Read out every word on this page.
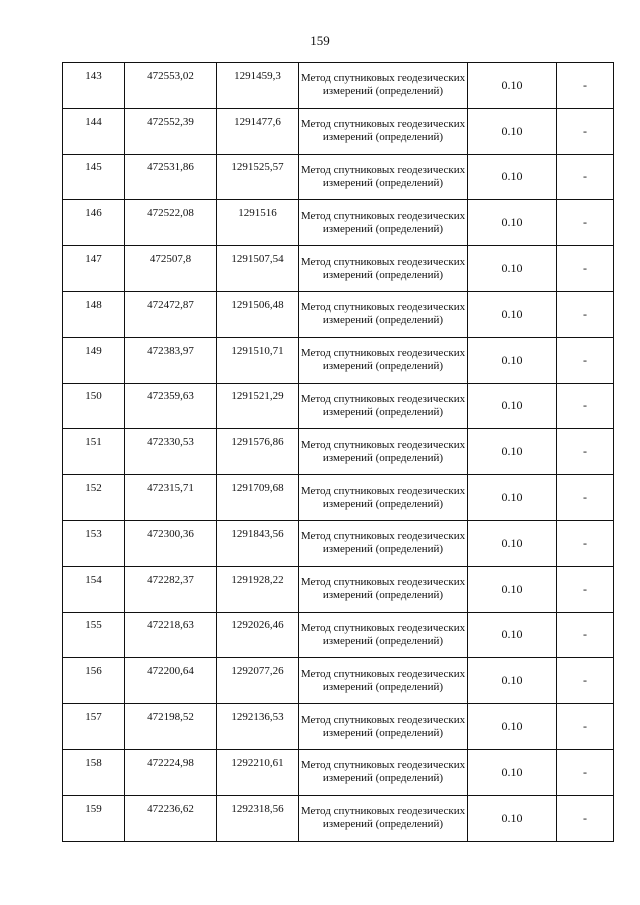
159
143	472553,02	1291459,3	Метод спутниковых геодезических измерений (определений)	0.10	-
144	472552,39	1291477,6	Метод спутниковых геодезических измерений (определений)	0.10	-
145	472531,86	1291525,57	Метод спутниковых геодезических измерений (определений)	0.10	-
146	472522,08	1291516	Метод спутниковых геодезических измерений (определений)	0.10	-
147	472507,8	1291507,54	Метод спутниковых геодезических измерений (определений)	0.10	-
148	472472,87	1291506,48	Метод спутниковых геодезических измерений (определений)	0.10	-
149	472383,97	1291510,71	Метод спутниковых геодезических измерений (определений)	0.10	-
150	472359,63	1291521,29	Метод спутниковых геодезических измерений (определений)	0.10	-
151	472330,53	1291576,86	Метод спутниковых геодезических измерений (определений)	0.10	-
152	472315,71	1291709,68	Метод спутниковых геодезических измерений (определений)	0.10	-
153	472300,36	1291843,56	Метод спутниковых геодезических измерений (определений)	0.10	-
154	472282,37	1291928,22	Метод спутниковых геодезических измерений (определений)	0.10	-
155	472218,63	1292026,46	Метод спутниковых геодезических измерений (определений)	0.10	-
156	472200,64	1292077,26	Метод спутниковых геодезических измерений (определений)	0.10	-
157	472198,52	1292136,53	Метод спутниковых геодезических измерений (определений)	0.10	-
158	472224,98	1292210,61	Метод спутниковых геодезических измерений (определений)	0.10	-
159	472236,62	1292318,56	Метод спутниковых геодезических измерений (определений)	0.10	-
